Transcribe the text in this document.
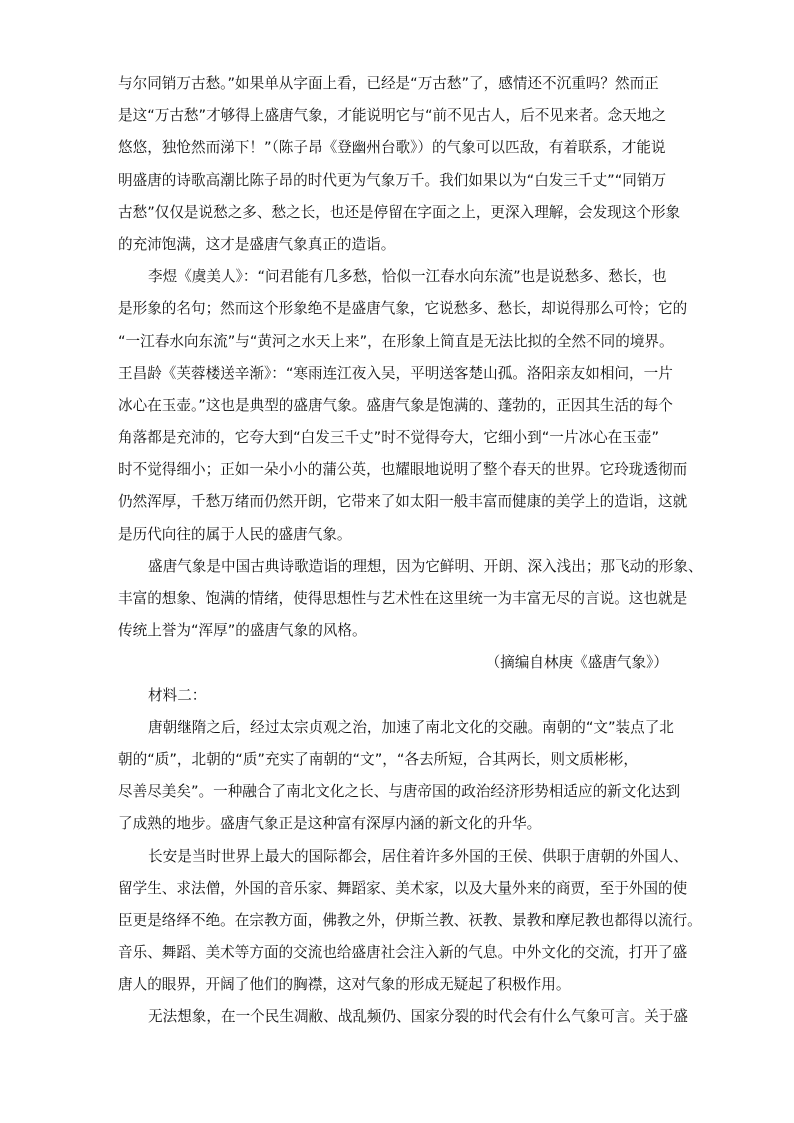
与尔同销万古愁。”如果单从字面上看，已经是“万古愁”了，感情还不沉重吗？然而正
是这“万古愁”才够得上盛唐气象，才能说明它与“前不见古人，后不见来者。念天地之
悠悠，独怆然而涕下！”（陈子昂《登幽州台歌》）的气象可以匹敌，有着联系，才能说
明盛唐的诗歌高潮比陈子昂的时代更为气象万千。我们如果以为“白发三千丈”“同销万
古愁”仅仅是说愁之多、愁之长，也还是停留在字面之上，更深入理解，会发现这个形象
的充沛饱满，这才是盛唐气象真正的造诣。
李煜《虞美人》：“问君能有几多愁，恰似一江春水向东流”也是说愁多、愁长，也
是形象的名句；然而这个形象绝不是盛唐气象，它说愁多、愁长，却说得那么可怜；它的
“一江春水向东流”与“黄河之水天上来”，在形象上简直是无法比拟的全然不同的境界。
王昌龄《芙蓉楼送辛渐》：“寒雨连江夜入吴，平明送客楚山孤。洛阳亲友如相问，一片
冰心在玉壶。”这也是典型的盛唐气象。盛唐气象是饱满的、蓬勃的，正因其生活的每个
角落都是充沛的，它夸大到“白发三千丈”时不觉得夸大，它细小到“一片冰心在玉壶”
时不觉得细小；正如一朵小小的蒲公英，也耀眼地说明了整个春天的世界。它玲珑透彻而
仍然浑厚，千愁万绪而仍然开朗，它带来了如太阳一般丰富而健康的美学上的造诣，这就
是历代向往的属于人民的盛唐气象。
盛唐气象是中国古典诗歌造诣的理想，因为它鲜明、开朗、深入浅出；那飞动的形象、
丰富的想象、饱满的情绪，使得思想性与艺术性在这里统一为丰富无尽的言说。这也就是
传统上誉为“浑厚”的盛唐气象的风格。
（摘编自林庚《盛唐气象》）
材料二：
唐朝继隋之后，经过太宗贞观之治，加速了南北文化的交融。南朝的“文”装点了北
朝的“质”，北朝的“质”充实了南朝的“文”，“各去所短，合其两长，则文质彬彬，
尽善尽美矣”。一种融合了南北文化之长、与唐帝国的政治经济形势相适应的新文化达到
了成熟的地步。盛唐气象正是这种富有深厚内涵的新文化的升华。
长安是当时世界上最大的国际都会，居住着许多外国的王侯、供职于唐朝的外国人、
留学生、求法僧，外国的音乐家、舞蹈家、美术家，以及大量外来的商贾，至于外国的使
臣更是络绎不绝。在宗教方面，佛教之外，伊斯兰教、祆教、景教和摩尼教也都得以流行。
音乐、舞蹈、美术等方面的交流也给盛唐社会注入新的气息。中外文化的交流，打开了盛
唐人的眼界，开阔了他们的胸襟，这对气象的形成无疑起了积极作用。
无法想象，在一个民生凋敝、战乱频仍、国家分裂的时代会有什么气象可言。关于盛
